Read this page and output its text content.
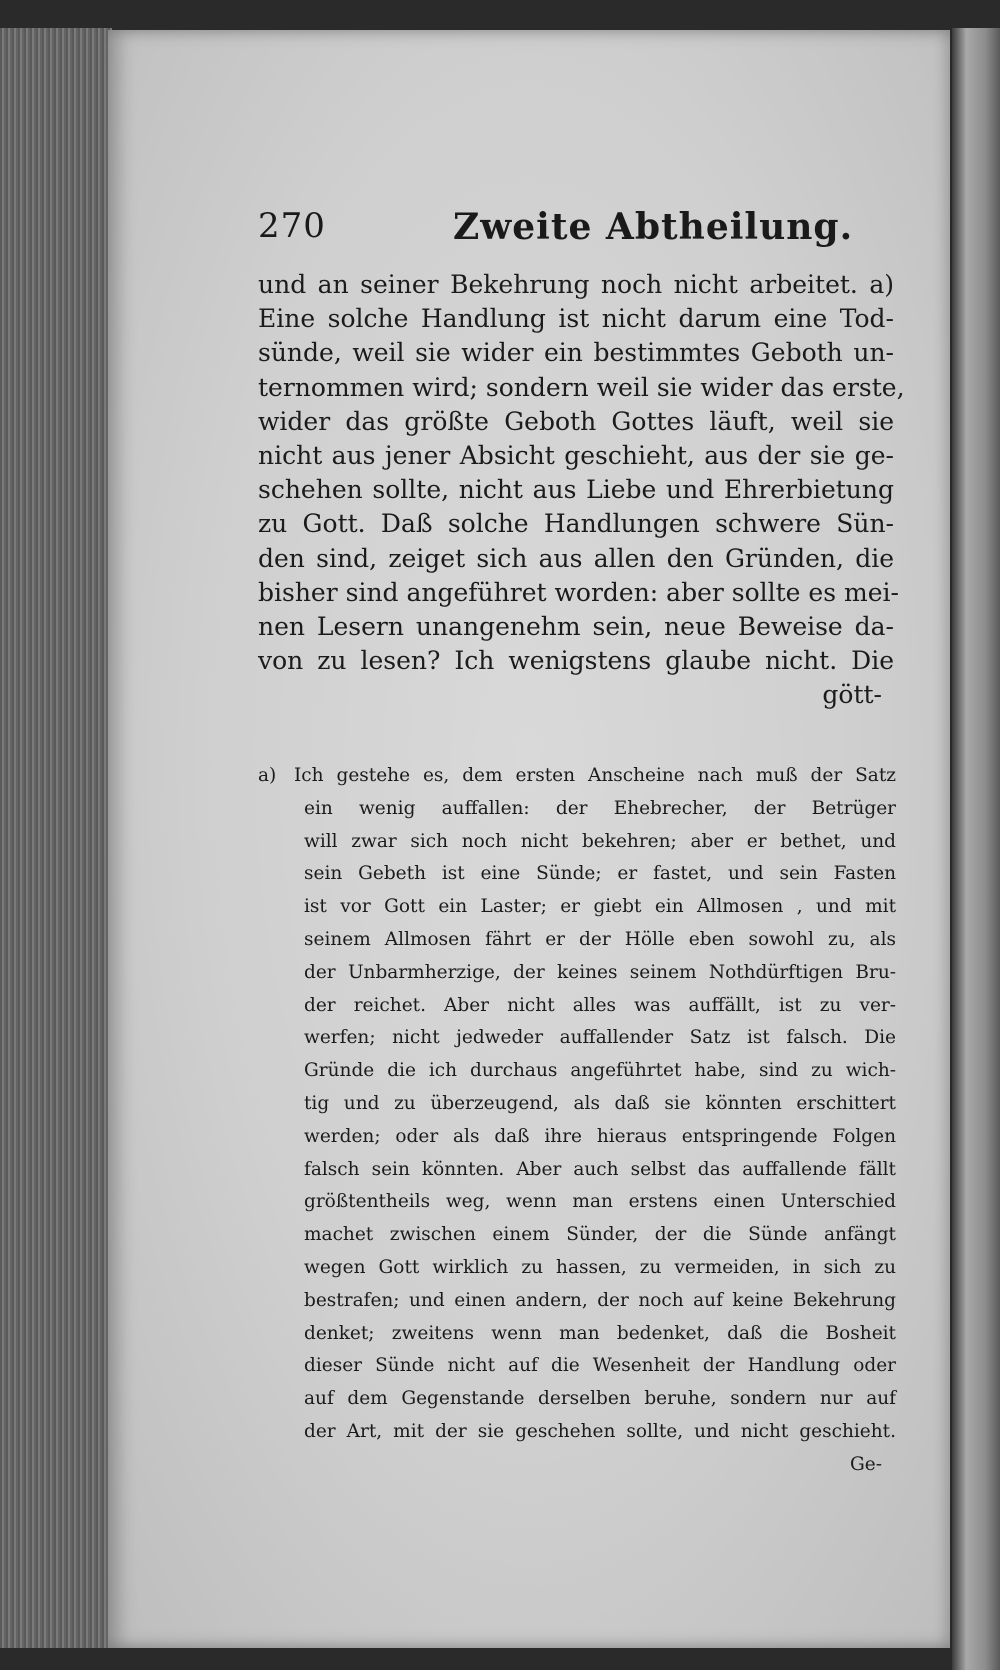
270	Zweite Abtheilung.
und an seiner Bekehrung noch nicht arbeitet. a)
Eine solche Handlung ist nicht darum eine Tod-
sünde, weil sie wider ein bestimmtes Geboth un-
ternommen wird; sondern weil sie wider das erste,
wider das größte Geboth Gottes läuft, weil sie
nicht aus jener Absicht geschieht, aus der sie ge-
schehen sollte, nicht aus Liebe und Ehrerbietung
zu Gott. Daß solche Handlungen schwere Sün-
den sind, zeiget sich aus allen den Gründen, die
bisher sind angeführet worden: aber sollte es mei-
nen Lesern unangenehm sein, neue Beweise da-
von zu lesen? Ich wenigstens glaube nicht. Die
gött-
a) Ich gestehe es, dem ersten Anscheine nach muß der Satz
ein wenig auffallen: der Ehebrecher, der Betrüger
will zwar sich noch nicht bekehren; aber er bethet, und
sein Gebeth ist eine Sünde; er fastet, und sein Fasten
ist vor Gott ein Laster; er giebt ein Allmosen , und mit
seinem Allmosen fährt er der Hölle eben sowohl zu, als
der Unbarmherzige, der keines seinem Nothdürftigen Bru-
der reichet. Aber nicht alles was auffällt, ist zu ver-
werfen; nicht jedweder auffallender Satz ist falsch. Die
Gründe die ich durchaus angeführtet habe, sind zu wich-
tig und zu überzeugend, als daß sie könnten erschittert
werden; oder als daß ihre hieraus entspringende Folgen
falsch sein könnten. Aber auch selbst das auffallende fällt
größtentheils weg, wenn man erstens einen Unterschied
machet zwischen einem Sünder, der die Sünde anfängt
wegen Gott wirklich zu hassen, zu vermeiden, in sich zu
bestrafen; und einen andern, der noch auf keine Bekehrung
denket; zweitens wenn man bedenket, daß die Bosheit
dieser Sünde nicht auf die Wesenheit der Handlung oder
auf dem Gegenstande derselben beruhe, sondern nur auf
der Art, mit der sie geschehen sollte, und nicht geschieht.
Ge-
